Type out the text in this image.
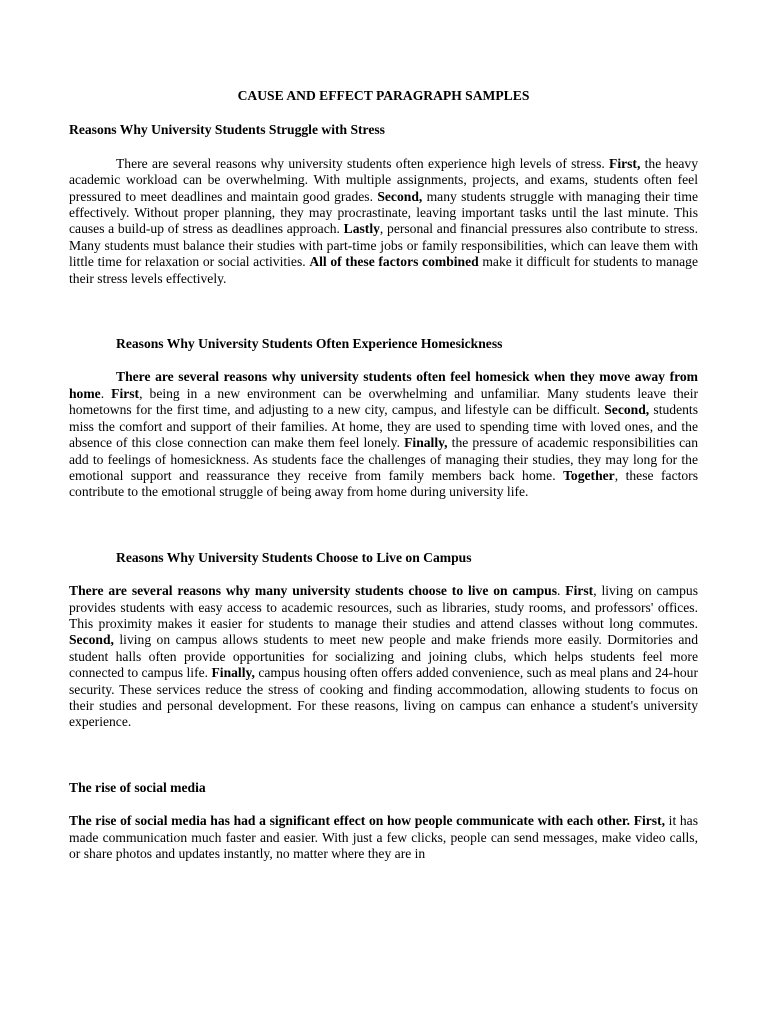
CAUSE AND EFFECT PARAGRAPH SAMPLES

Reasons Why University Students Struggle with Stress

There are several reasons why university students often experience high levels of stress. First, the heavy academic workload can be overwhelming. With multiple assignments, projects, and exams, students often feel pressured to meet deadlines and maintain good grades. Second, many students struggle with managing their time effectively. Without proper planning, they may procrastinate, leaving important tasks until the last minute. This causes a build-up of stress as deadlines approach. Lastly, personal and financial pressures also contribute to stress. Many students must balance their studies with part-time jobs or family responsibilities, which can leave them with little time for relaxation or social activities. All of these factors combined make it difficult for students to manage their stress levels effectively.

Reasons Why University Students Often Experience Homesickness

There are several reasons why university students often feel homesick when they move away from home. First, being in a new environment can be overwhelming and unfamiliar. Many students leave their hometowns for the first time, and adjusting to a new city, campus, and lifestyle can be difficult. Second, students miss the comfort and support of their families. At home, they are used to spending time with loved ones, and the absence of this close connection can make them feel lonely. Finally, the pressure of academic responsibilities can add to feelings of homesickness. As students face the challenges of managing their studies, they may long for the emotional support and reassurance they receive from family members back home. Together, these factors contribute to the emotional struggle of being away from home during university life.

Reasons Why University Students Choose to Live on Campus

There are several reasons why many university students choose to live on campus. First, living on campus provides students with easy access to academic resources, such as libraries, study rooms, and professors' offices. This proximity makes it easier for students to manage their studies and attend classes without long commutes. Second, living on campus allows students to meet new people and make friends more easily. Dormitories and student halls often provide opportunities for socializing and joining clubs, which helps students feel more connected to campus life. Finally, campus housing often offers added convenience, such as meal plans and 24-hour security. These services reduce the stress of cooking and finding accommodation, allowing students to focus on their studies and personal development. For these reasons, living on campus can enhance a student's university experience.

The rise of social media

The rise of social media has had a significant effect on how people communicate with each other. First, it has made communication much faster and easier. With just a few clicks, people can send messages, make video calls, or share photos and updates instantly, no matter where they are in
